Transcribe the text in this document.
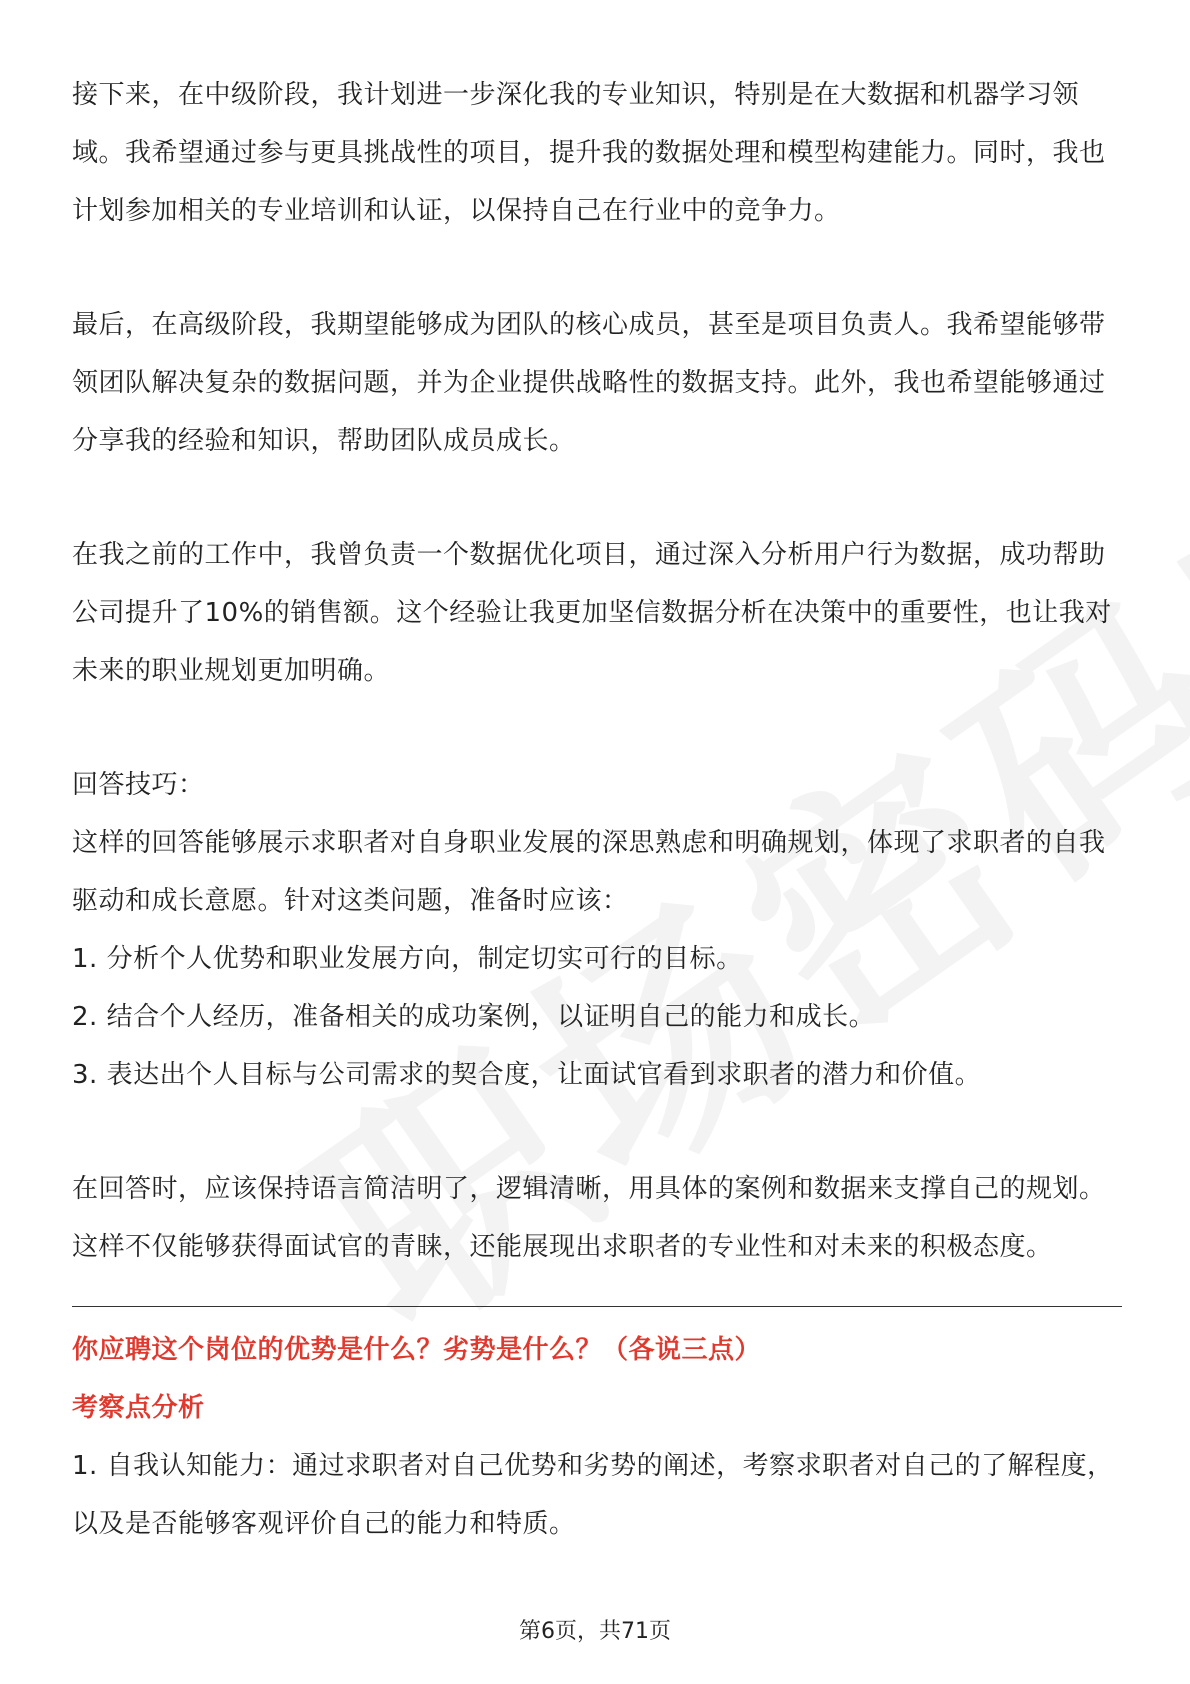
接下来，在中级阶段，我计划进一步深化我的专业知识，特别是在大数据和机器学习领域。我希望通过参与更具挑战性的项目，提升我的数据处理和模型构建能力。同时，我也计划参加相关的专业培训和认证，以保持自己在行业中的竞争力。

最后，在高级阶段，我期望能够成为团队的核心成员，甚至是项目负责人。我希望能够带领团队解决复杂的数据问题，并为企业提供战略性的数据支持。此外，我也希望能够通过分享我的经验和知识，帮助团队成员成长。

在我之前的工作中，我曾负责一个数据优化项目，通过深入分析用户行为数据，成功帮助公司提升了10%的销售额。这个经验让我更加坚信数据分析在决策中的重要性，也让我对未来的职业规划更加明确。

回答技巧：

这样的回答能够展示求职者对自身职业发展的深思熟虑和明确规划，体现了求职者的自我驱动和成长意愿。针对这类问题，准备时应该：

1. 分析个人优势和职业发展方向，制定切实可行的目标。

2. 结合个人经历，准备相关的成功案例，以证明自己的能力和成长。

3. 表达出个人目标与公司需求的契合度，让面试官看到求职者的潜力和价值。

在回答时，应该保持语言简洁明了，逻辑清晰，用具体的案例和数据来支撑自己的规划。这样不仅能够获得面试官的青睐，还能展现出求职者的专业性和对未来的积极态度。

你应聘这个岗位的优势是什么？劣势是什么？（各说三点）

考察点分析

1. 自我认知能力：通过求职者对自己优势和劣势的阐述，考察求职者对自己的了解程度，以及是否能够客观评价自己的能力和特质。

第6页，共71页
